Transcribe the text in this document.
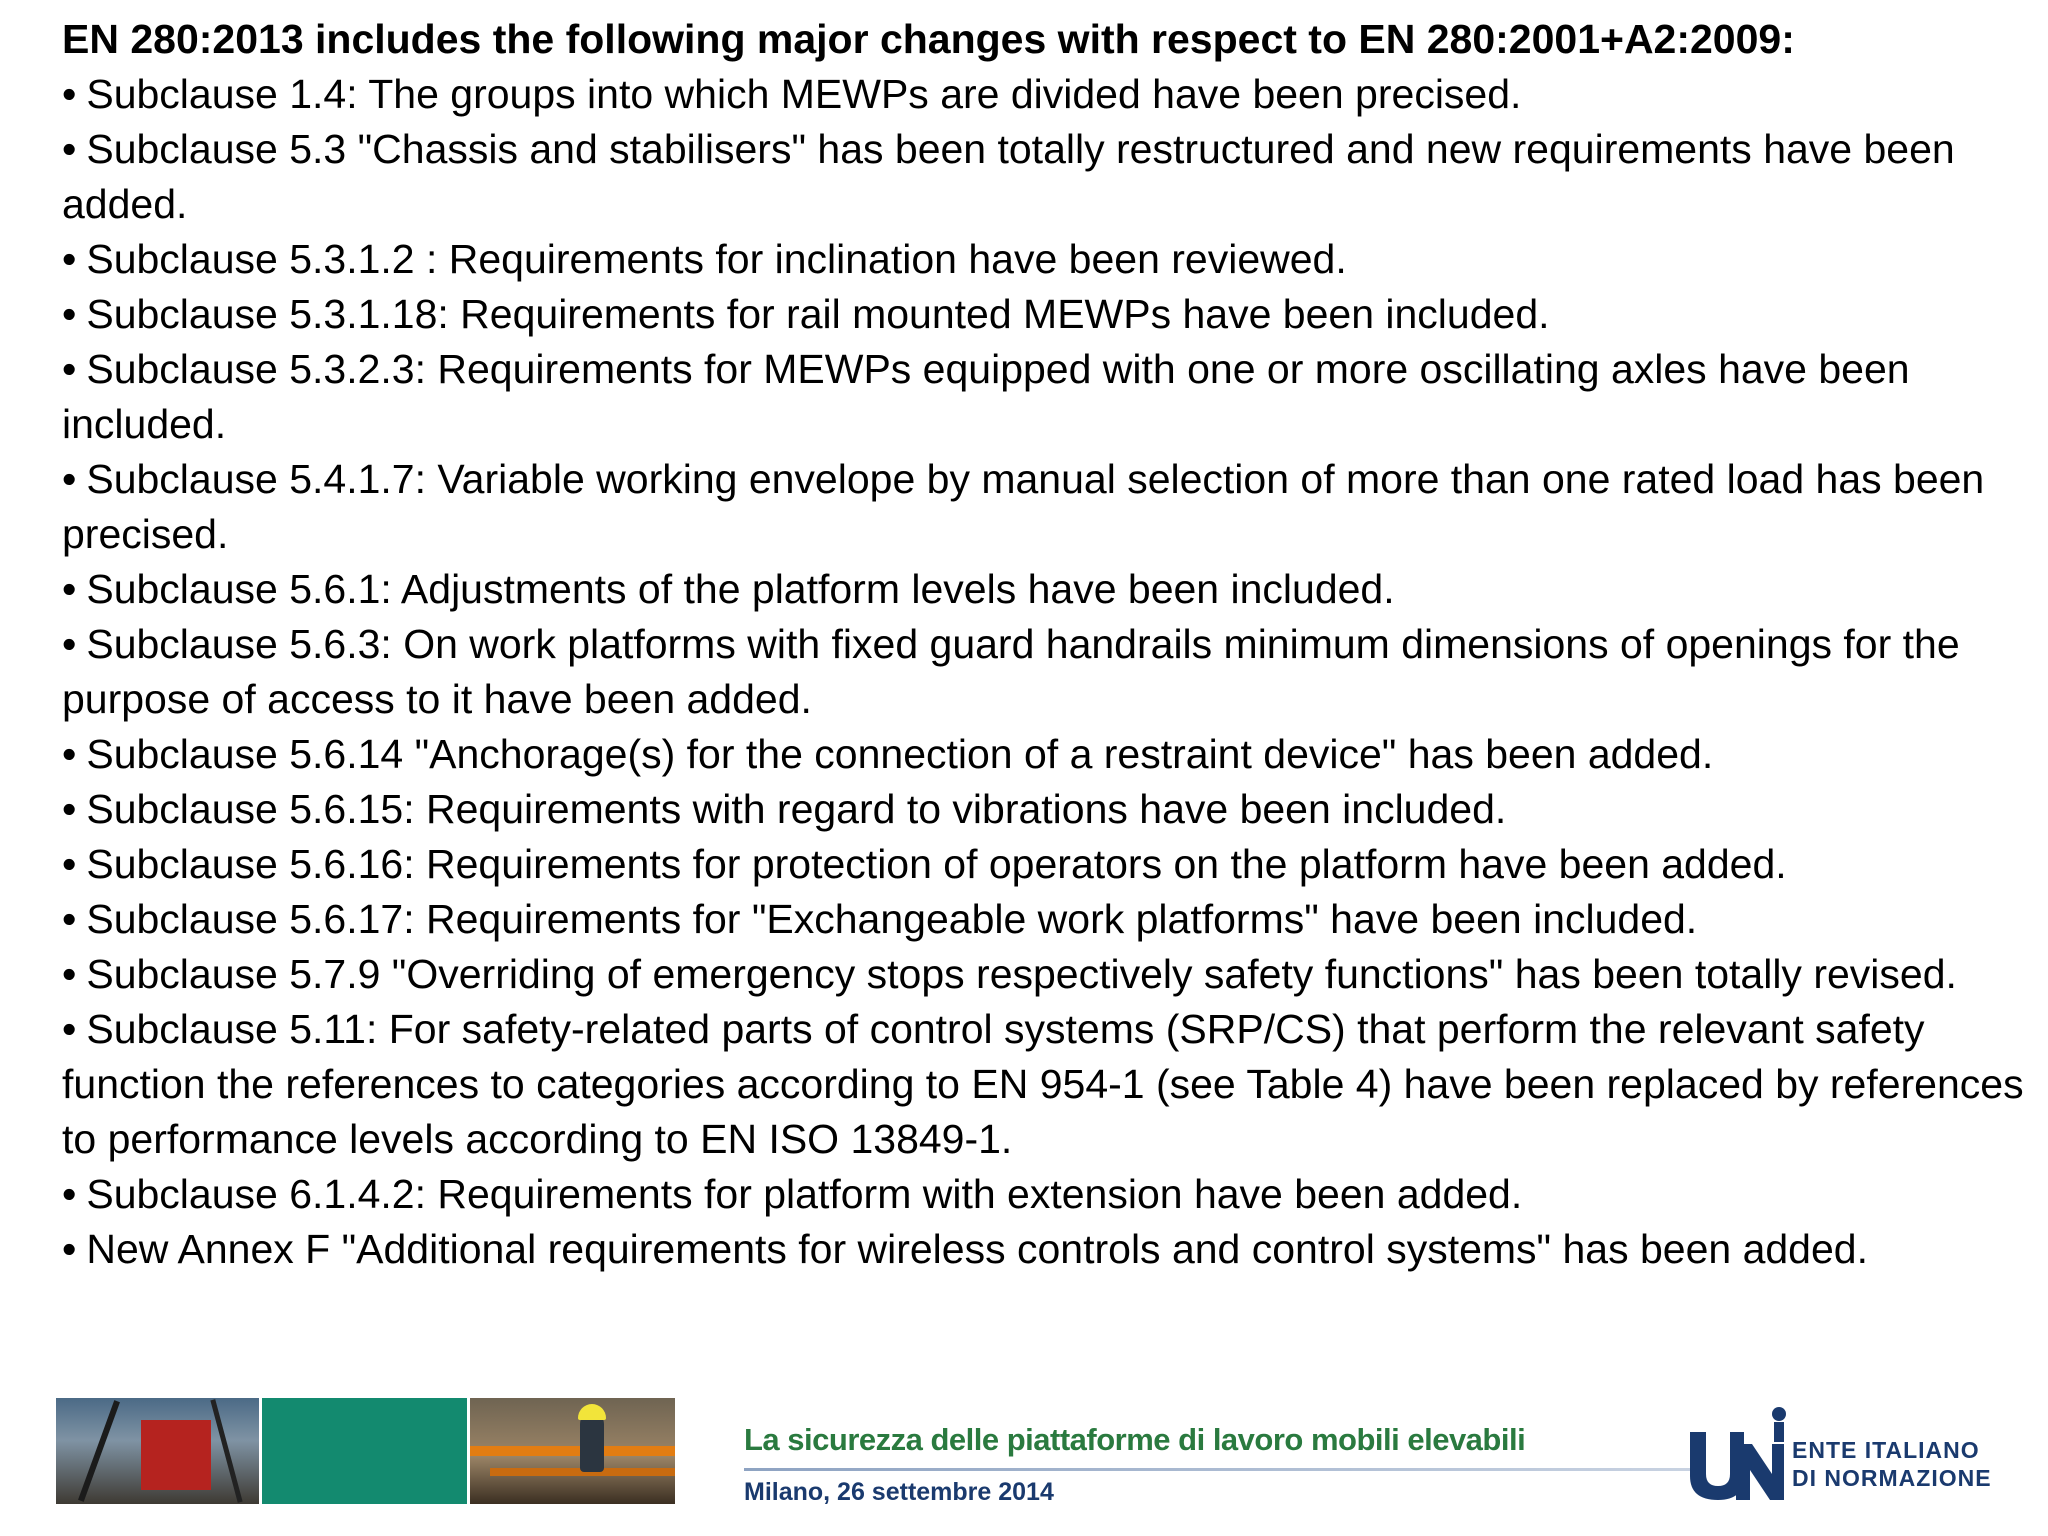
EN 280:2013 includes the following major changes with respect to EN 280:2001+A2:2009:

• Subclause 1.4: The groups into which MEWPs are divided have been precised.

• Subclause 5.3 "Chassis and stabilisers" has been totally restructured and new requirements have been added.

• Subclause 5.3.1.2 : Requirements for inclination have been reviewed.

• Subclause 5.3.1.18: Requirements for rail mounted MEWPs have been included.

• Subclause 5.3.2.3: Requirements for MEWPs equipped with one or more oscillating axles have been included.

• Subclause 5.4.1.7: Variable working envelope by manual selection of more than one rated load has been precised.

• Subclause 5.6.1: Adjustments of the platform levels have been included.

• Subclause 5.6.3: On work platforms with fixed guard handrails minimum dimensions of openings for the purpose of access to it have been added.

• Subclause 5.6.14 "Anchorage(s) for the connection of a restraint device" has been added.

• Subclause 5.6.15: Requirements with regard to vibrations have been included.

• Subclause 5.6.16: Requirements for protection of operators on the platform have been added.

• Subclause 5.6.17: Requirements for "Exchangeable work platforms" have been included.

• Subclause 5.7.9 "Overriding of emergency stops respectively safety functions" has been totally revised.

• Subclause 5.11: For safety-related parts of control systems (SRP/CS) that perform the relevant safety function the references to categories according to EN 954-1 (see Table 4) have been replaced by references to performance levels according to EN ISO 13849-1.

• Subclause 6.1.4.2: Requirements for platform with extension have been added.

• New Annex F "Additional requirements for wireless controls and control systems" has been added.

La sicurezza delle piattaforme di lavoro mobili elevabili
Milano, 26 settembre 2014
ENTE ITALIANO
DI NORMAZIONE
